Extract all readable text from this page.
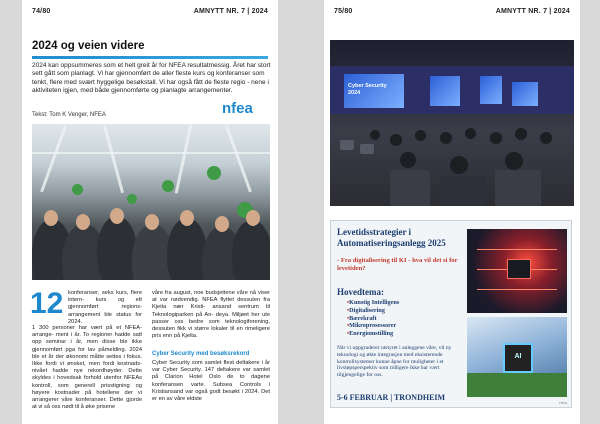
74/80	AMNYTT NR. 7 | 2024
2024 og veien videre
2024 kan oppsummeres som et helt greit år for NFEA resultatmessig. Året har stort sett gått som planlagt. Vi har gjennomført de aller fleste kurs og konferanser som tenkt, flere med svært hyggelige besøkstall. Vi har også fått de fleste regio - nene i aktiviteten igjen, med både gjennomførte og planlagte arrangementer.
nfea
Tekst: Tom K Venger, NFEA
12 konferanser, seks kurs, flere intern- kurs og ett gjennomført regions- arrangement ble status for 2024.
1 300 personer har vært på et NFEA-arrange- ment i år. To regioner hadde satt opp seminar i år, men disse ble ikke gjennomført pga for lav påmelding. 2024 ble et år der økonomi måtte settes i fokus. Ikke fordi vi ønsket, men fordi kostnads- nivået hadde nye rekordhøyder. Dette skyldes i hovedsak forhold utenfor NFEAs kontroll, som generell prisstigning og høyere kostnader på hotellene der vi arrangerer våre konferanser. Dette gjorde at vi så oss nødt til å øke prisene
våre fra august, noe budsjettene våre nå viser at var nødvendig. NFEA flyttet dessuten fra Kjeita nær Kristi- ansand sentrum til Teknologiparken på An- deya. Miljøet her ute passer oss bedre som teknologiforening, dessuten fikk vi større lokaler til en rimeligere pris enn på Kjeita.
Cyber Security med besøksrekord
Cyber Security som samlet flest deltakere i år var Cyber Security. 147 deltakere var samlet på Clarion Hotel Oslo de to dagene konferansen varte. Subsea Controls i Kristiansand var også godt besøkt i 2024. Det er en av våre eldste
75/80	AMNYTT NR. 7 | 2024
Cyber Security 2024
Levetidsstrategier i Automatiseringsanlegg 2025
- Fra digitalisering til KI - hva vil det si for levetiden?
Hovedtema:
• Kunstig Intelligens
• Digitalisering
• Bærekraft
• Mikroprosessorer
• Energiomstilling
Når vi oppgraderer utstyret i anleggene våre, vil ny teknologi og økte integrasjon med eksisterende kontrollsystemer kunne åpne for muligheter i et livsløpsperspektiv som tidligere ikke har vært tilgjengelige for oss.
5-6 FEBRUAR | TRONDHEIM
AI
nfea
